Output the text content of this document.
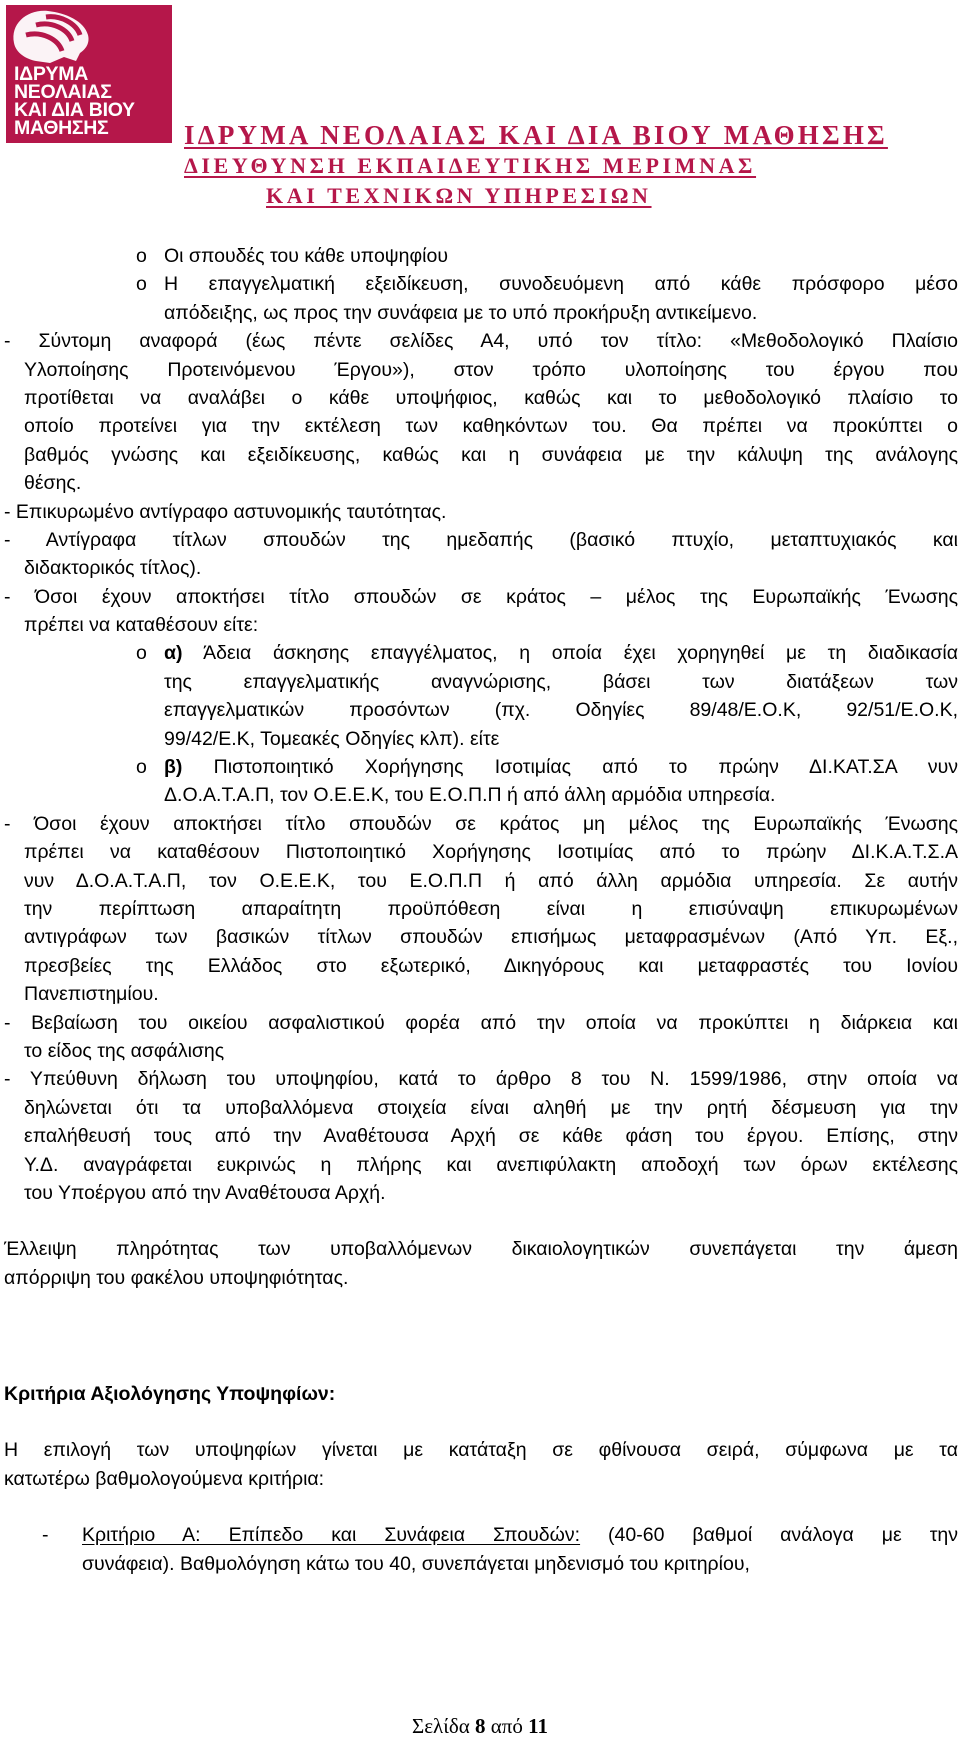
ΙΔΡΥΜΑ
ΝΕΟΛΑΙΑΣ
ΚΑΙ ΔΙΑ ΒΙΟΥ
ΜΑΘΗΣΗΣ	ΙΔΡΥΜΑ ΝΕΟΛΑΙΑΣ ΚΑΙ ΔΙΑ ΒΙΟΥ ΜΑΘΗΣΗΣ
ΔΙΕΥΘΥΝΣΗ ΕΚΠΑΙΔΕΥΤΙΚΗΣ ΜΕΡΙΜΝΑΣ
ΚΑΙ ΤΕΧΝΙΚΩΝ ΥΠΗΡΕΣΙΩΝ
o Οι σπουδές του κάθε υποψηφίου
o Η επαγγελματική εξειδίκευση, συνοδευόμενη από κάθε πρόσφορο μέσο
απόδειξης, ως προς την συνάφεια με το υπό προκήρυξη αντικείμενο.
- Σύντομη αναφορά (έως πέντε σελίδες Α4, υπό τον τίτλο: «Μεθοδολογικό Πλαίσιο
Υλοποίησης Προτεινόμενου Έργου»), στον τρόπο υλοποίησης του έργου που
προτίθεται να αναλάβει ο κάθε υποψήφιος, καθώς και το μεθοδολογικό πλαίσιο το
οποίο προτείνει για την εκτέλεση των καθηκόντων του. Θα πρέπει να προκύπτει ο
βαθμός γνώσης και εξειδίκευσης, καθώς και η συνάφεια με την κάλυψη της ανάλογης
θέσης.
- Επικυρωμένο αντίγραφο αστυνομικής ταυτότητας.
- Αντίγραφα τίτλων σπουδών της ημεδαπής (βασικό πτυχίο, μεταπτυχιακός και
διδακτορικός τίτλος).
- Όσοι έχουν αποκτήσει τίτλο σπουδών σε κράτος – μέλος της Ευρωπαϊκής Ένωσης
πρέπει να καταθέσουν είτε:
o α) Άδεια άσκησης επαγγέλματος, η οποία έχει χορηγηθεί με τη διαδικασία
της επαγγελματικής αναγνώρισης, βάσει των διατάξεων των
επαγγελματικών προσόντων (πχ. Οδηγίες 89/48/Ε.Ο.Κ, 92/51/Ε.Ο.Κ,
99/42/Ε.Κ, Τομεακές Οδηγίες κλπ). είτε
o β) Πιστοποιητικό Χορήγησης Ισοτιμίας από το πρώην ΔΙ.ΚΑΤ.ΣΑ νυν
Δ.Ο.Α.Τ.Α.Π, τον Ο.Ε.Ε.Κ, του Ε.Ο.Π.Π ή από άλλη αρμόδια υπηρεσία.
- Όσοι έχουν αποκτήσει τίτλο σπουδών σε κράτος μη μέλος της Ευρωπαϊκής Ένωσης
πρέπει να καταθέσουν Πιστοποιητικό Χορήγησης Ισοτιμίας από το πρώην ΔΙ.Κ.Α.Τ.Σ.Α
νυν Δ.Ο.Α.Τ.Α.Π, τον Ο.Ε.Ε.Κ, του Ε.Ο.Π.Π ή από άλλη αρμόδια υπηρεσία. Σε αυτήν
την περίπτωση απαραίτητη προϋπόθεση είναι η επισύναψη επικυρωμένων
αντιγράφων των βασικών τίτλων σπουδών επισήμως μεταφρασμένων (Από Υπ. Εξ.,
πρεσβείες της Ελλάδος στο εξωτερικό, Δικηγόρους και μεταφραστές του Ιονίου
Πανεπιστημίου.
- Βεβαίωση του οικείου ασφαλιστικού φορέα από την οποία να προκύπτει η διάρκεια και
το είδος της ασφάλισης
- Υπεύθυνη δήλωση του υποψηφίου, κατά το άρθρο 8 του Ν. 1599/1986, στην οποία να
δηλώνεται ότι τα υποβαλλόμενα στοιχεία είναι αληθή με την ρητή δέσμευση για την
επαλήθευσή τους από την Αναθέτουσα Αρχή σε κάθε φάση του έργου. Επίσης, στην
Υ.Δ. αναγράφεται ευκρινώς η πλήρης και ανεπιφύλακτη αποδοχή των όρων εκτέλεσης
του Υποέργου από την Αναθέτουσα Αρχή.
Έλλειψη πληρότητας των υποβαλλόμενων δικαιολογητικών συνεπάγεται την άμεση
απόρριψη του φακέλου υποψηφιότητας.
Κριτήρια Αξιολόγησης Υποψηφίων:
Η επιλογή των υποψηφίων γίνεται με κατάταξη σε φθίνουσα σειρά, σύμφωνα με τα
κατωτέρω βαθμολογούμενα κριτήρια:
- Κριτήριο Α: Επίπεδο και Συνάφεια Σπουδών: (40-60 βαθμοί ανάλογα με την
συνάφεια). Βαθμολόγηση κάτω του 40, συνεπάγεται μηδενισμό του κριτηρίου,
Σελίδα 8 από 11
